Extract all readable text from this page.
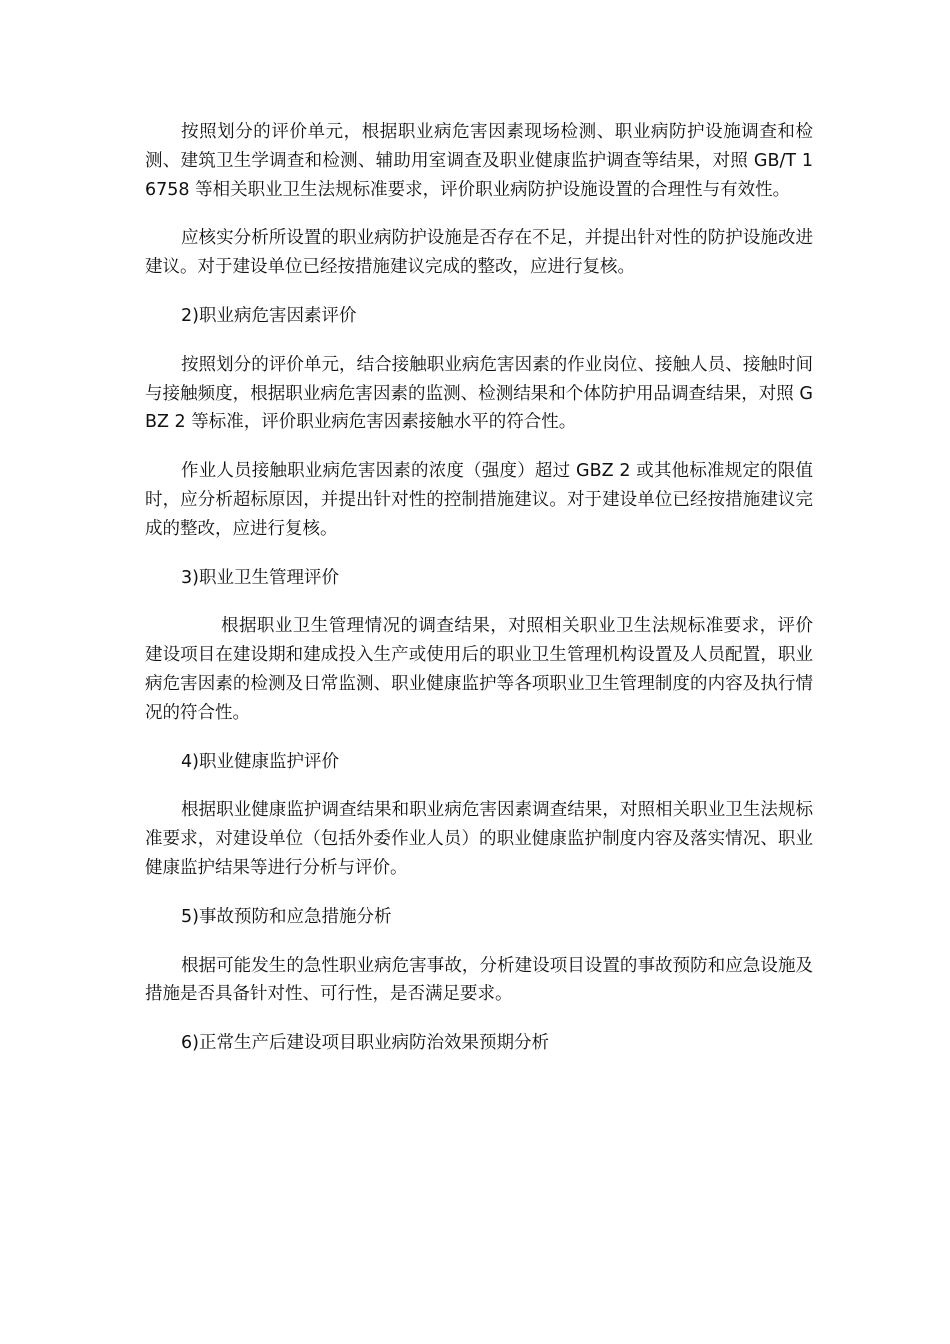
按照划分的评价单元，根据职业病危害因素现场检测、职业病防护设施调查和检测、建筑卫生学调查和检测、辅助用室调查及职业健康监护调查等结果，对照 GB/T 16758 等相关职业卫生法规标准要求，评价职业病防护设施设置的合理性与有效性。

应核实分析所设置的职业病防护设施是否存在不足，并提出针对性的防护设施改进建议。对于建设单位已经按措施建议完成的整改，应进行复核。

2)职业病危害因素评价

按照划分的评价单元，结合接触职业病危害因素的作业岗位、接触人员、接触时间与接触频度，根据职业病危害因素的监测、检测结果和个体防护用品调查结果，对照 GBZ 2 等标准，评价职业病危害因素接触水平的符合性。

作业人员接触职业病危害因素的浓度（强度）超过 GBZ 2 或其他标准规定的限值时，应分析超标原因，并提出针对性的控制措施建议。对于建设单位已经按措施建议完成的整改，应进行复核。

3)职业卫生管理评价

根据职业卫生管理情况的调查结果，对照相关职业卫生法规标准要求，评价建设项目在建设期和建成投入生产或使用后的职业卫生管理机构设置及人员配置，职业病危害因素的检测及日常监测、职业健康监护等各项职业卫生管理制度的内容及执行情况的符合性。

4)职业健康监护评价

根据职业健康监护调查结果和职业病危害因素调查结果，对照相关职业卫生法规标准要求，对建设单位（包括外委作业人员）的职业健康监护制度内容及落实情况、职业健康监护结果等进行分析与评价。

5)事故预防和应急措施分析

根据可能发生的急性职业病危害事故，分析建设项目设置的事故预防和应急设施及措施是否具备针对性、可行性，是否满足要求。

6)正常生产后建设项目职业病防治效果预期分析
